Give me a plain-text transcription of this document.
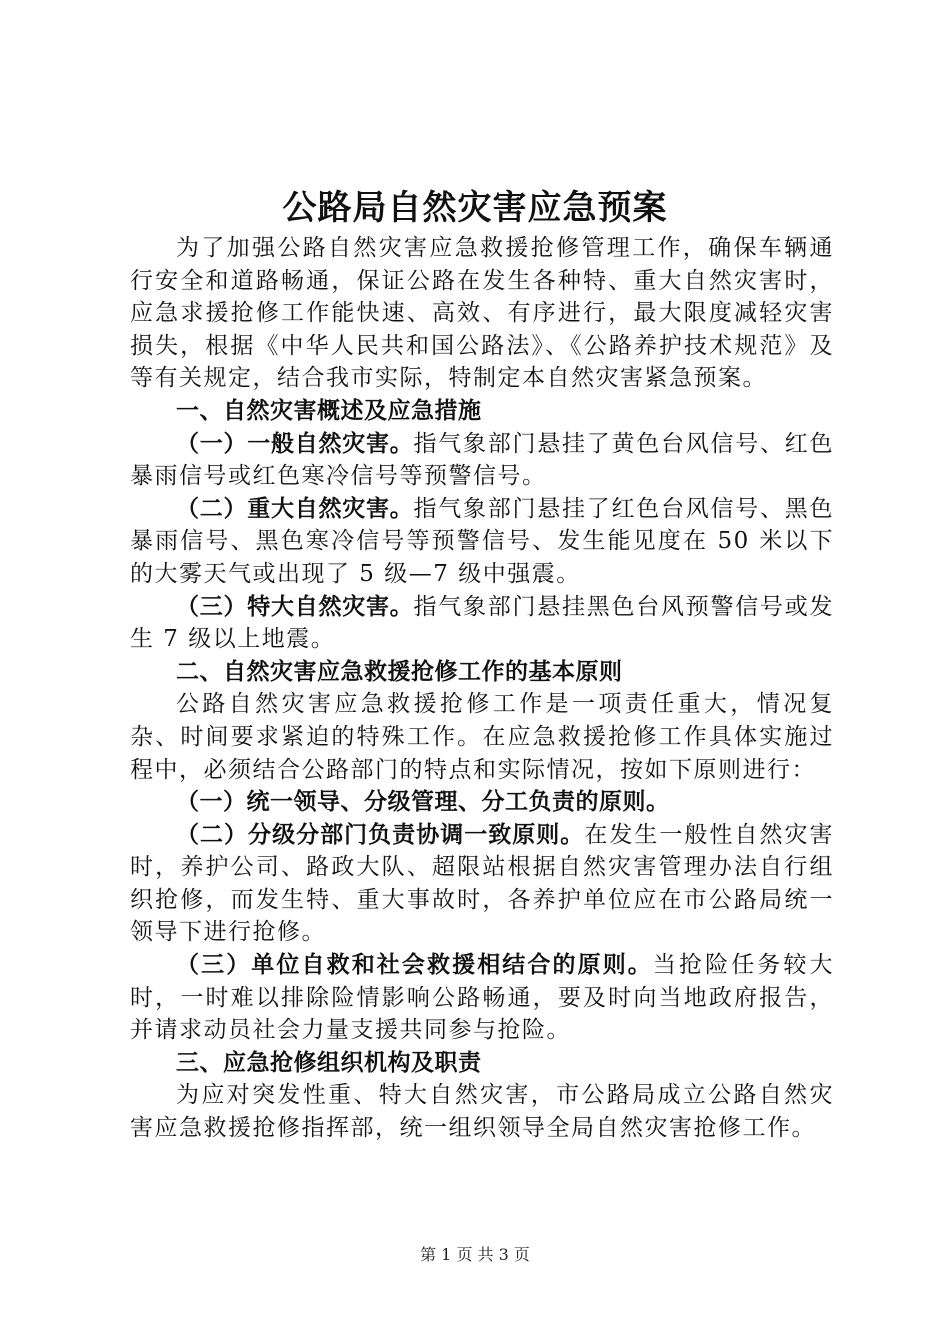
公路局自然灾害应急预案

为了加强公路自然灾害应急救援抢修管理工作，确保车辆通行安全和道路畅通，保证公路在发生各种特、重大自然灾害时，应急求援抢修工作能快速、高效、有序进行，最大限度减轻灾害损失，根据《中华人民共和国公路法》、《公路养护技术规范》及等有关规定，结合我市实际，特制定本自然灾害紧急预案。

一、自然灾害概述及应急措施

（一）一般自然灾害。指气象部门悬挂了黄色台风信号、红色暴雨信号或红色寒冷信号等预警信号。

（二）重大自然灾害。指气象部门悬挂了红色台风信号、黑色暴雨信号、黑色寒冷信号等预警信号、发生能见度在 50 米以下的大雾天气或出现了 5 级—7 级中强震。

（三）特大自然灾害。指气象部门悬挂黑色台风预警信号或发生 7 级以上地震。

二、自然灾害应急救援抢修工作的基本原则

公路自然灾害应急救援抢修工作是一项责任重大，情况复杂、时间要求紧迫的特殊工作。在应急救援抢修工作具体实施过程中，必须结合公路部门的特点和实际情况，按如下原则进行：

（一）统一领导、分级管理、分工负责的原则。

（二）分级分部门负责协调一致原则。在发生一般性自然灾害时，养护公司、路政大队、超限站根据自然灾害管理办法自行组织抢修，而发生特、重大事故时，各养护单位应在市公路局统一领导下进行抢修。

（三）单位自救和社会救援相结合的原则。当抢险任务较大时，一时难以排除险情影响公路畅通，要及时向当地政府报告，并请求动员社会力量支援共同参与抢险。

三、应急抢修组织机构及职责

为应对突发性重、特大自然灾害，市公路局成立公路自然灾害应急救援抢修指挥部，统一组织领导全局自然灾害抢修工作。

第 1 页 共 3 页
